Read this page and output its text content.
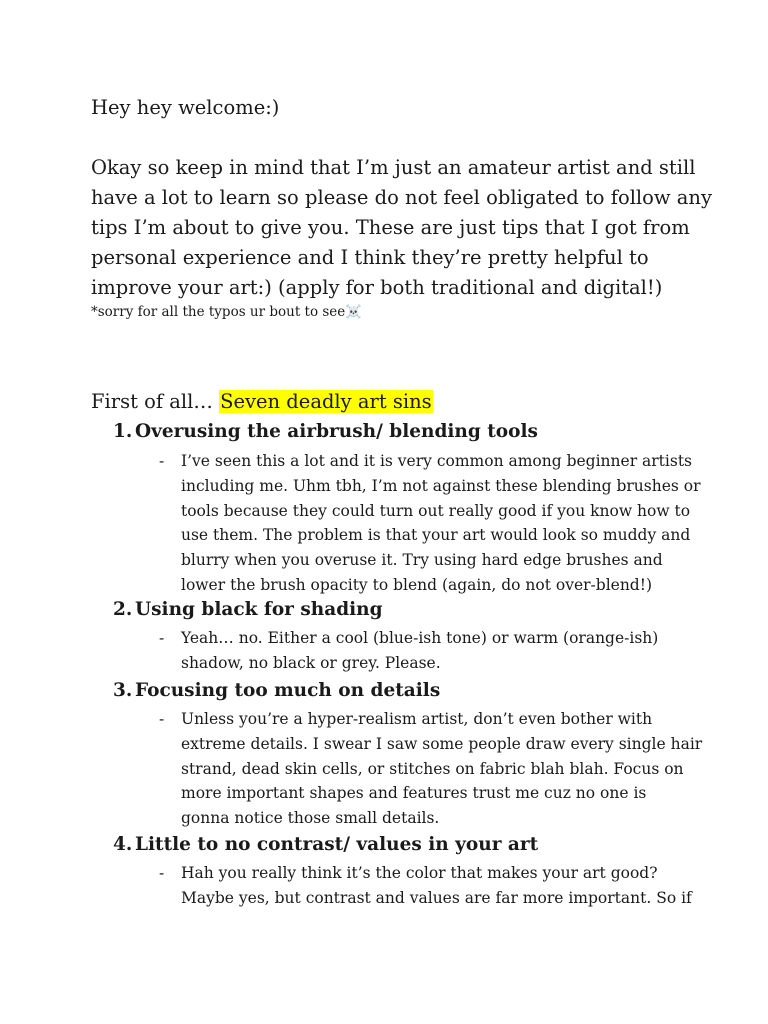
Hey hey welcome:)
Okay so keep in mind that I’m just an amateur artist and still
have a lot to learn so please do not feel obligated to follow any
tips I’m about to give you. These are just tips that I got from
personal experience and I think they’re pretty helpful to
improve your art:) (apply for both traditional and digital!)
*sorry for all the typos ur bout to see☠️
First of all… Seven deadly art sins
1. Overusing the airbrush/ blending tools
- I’ve seen this a lot and it is very common among beginner artists
including me. Uhm tbh, I’m not against these blending brushes or
tools because they could turn out really good if you know how to
use them. The problem is that your art would look so muddy and
blurry when you overuse it. Try using hard edge brushes and
lower the brush opacity to blend (again, do not over-blend!)
2. Using black for shading
- Yeah… no. Either a cool (blue-ish tone) or warm (orange-ish)
shadow, no black or grey. Please.
3. Focusing too much on details
- Unless you’re a hyper-realism artist, don’t even bother with
extreme details. I swear I saw some people draw every single hair
strand, dead skin cells, or stitches on fabric blah blah. Focus on
more important shapes and features trust me cuz no one is
gonna notice those small details.
4. Little to no contrast/ values in your art
- Hah you really think it’s the color that makes your art good?
Maybe yes, but contrast and values are far more important. So if
